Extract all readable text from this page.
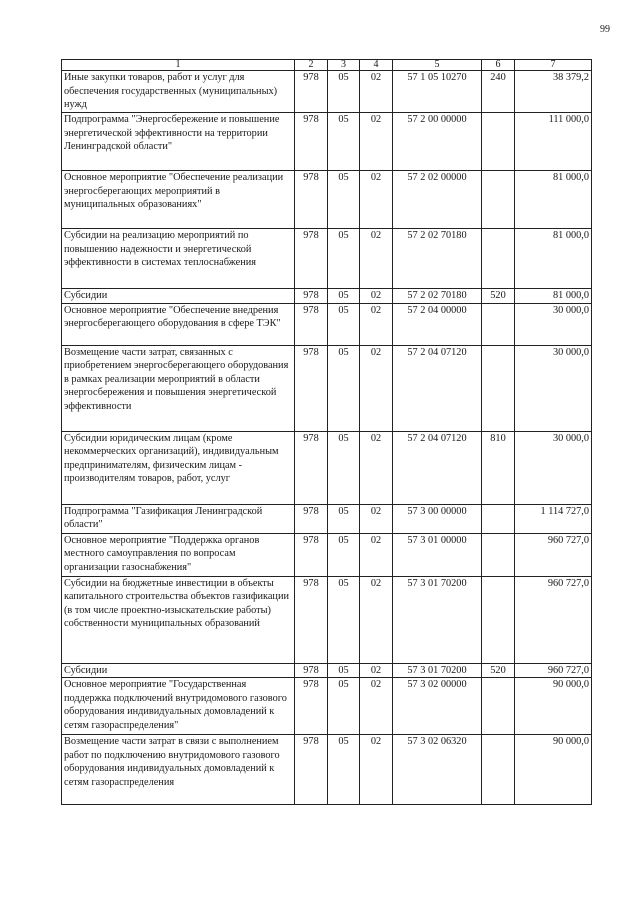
99
1	2	3	4	5	6	7
Иные закупки товаров, работ и услуг для обеспечения государственных (муниципальных) нужд	978	05	02	57 1 05 10270	240	38 379,2
Подпрограмма "Энергосбережение и повышение энергетической эффективности на территории Ленинградской области"	978	05	02	57 2 00 00000		111 000,0
Основное мероприятие "Обеспечение реализации энергосберегающих мероприятий в муниципальных образованиях"	978	05	02	57 2 02 00000		81 000,0
Субсидии на реализацию мероприятий по повышению надежности и энергетической эффективности в системах теплоснабжения	978	05	02	57 2 02 70180		81 000,0
Субсидии	978	05	02	57 2 02 70180	520	81 000,0
Основное мероприятие "Обеспечение внедрения энергосберегающего оборудования в сфере ТЭК"	978	05	02	57 2 04 00000		30 000,0
Возмещение части затрат, связанных с приобретением энергосберегающего оборудования в рамках реализации мероприятий в области энергосбережения и повышения энергетической эффективности	978	05	02	57 2 04 07120		30 000,0
Субсидии юридическим лицам (кроме некоммерческих организаций), индивидуальным предпринимателям, физическим лицам - производителям товаров, работ, услуг	978	05	02	57 2 04 07120	810	30 000,0
Подпрограмма "Газификация Ленинградской области"	978	05	02	57 3 00 00000		1 114 727,0
Основное мероприятие "Поддержка органов местного самоуправления по вопросам организации газоснабжения"	978	05	02	57 3 01 00000		960 727,0
Субсидии на бюджетные инвестиции в объекты капитального строительства объектов газификации (в том числе проектно-изыскательские работы) собственности муниципальных образований	978	05	02	57 3 01 70200		960 727,0
Субсидии	978	05	02	57 3 01 70200	520	960 727,0
Основное мероприятие "Государственная поддержка подключений внутридомового газового оборудования индивидуальных домовладений к сетям газораспределения"	978	05	02	57 3 02 00000		90 000,0
Возмещение части затрат в связи с выполнением работ по подключению внутридомового газового оборудования индивидуальных домовладений к сетям газораспределения	978	05	02	57 3 02 06320		90 000,0
